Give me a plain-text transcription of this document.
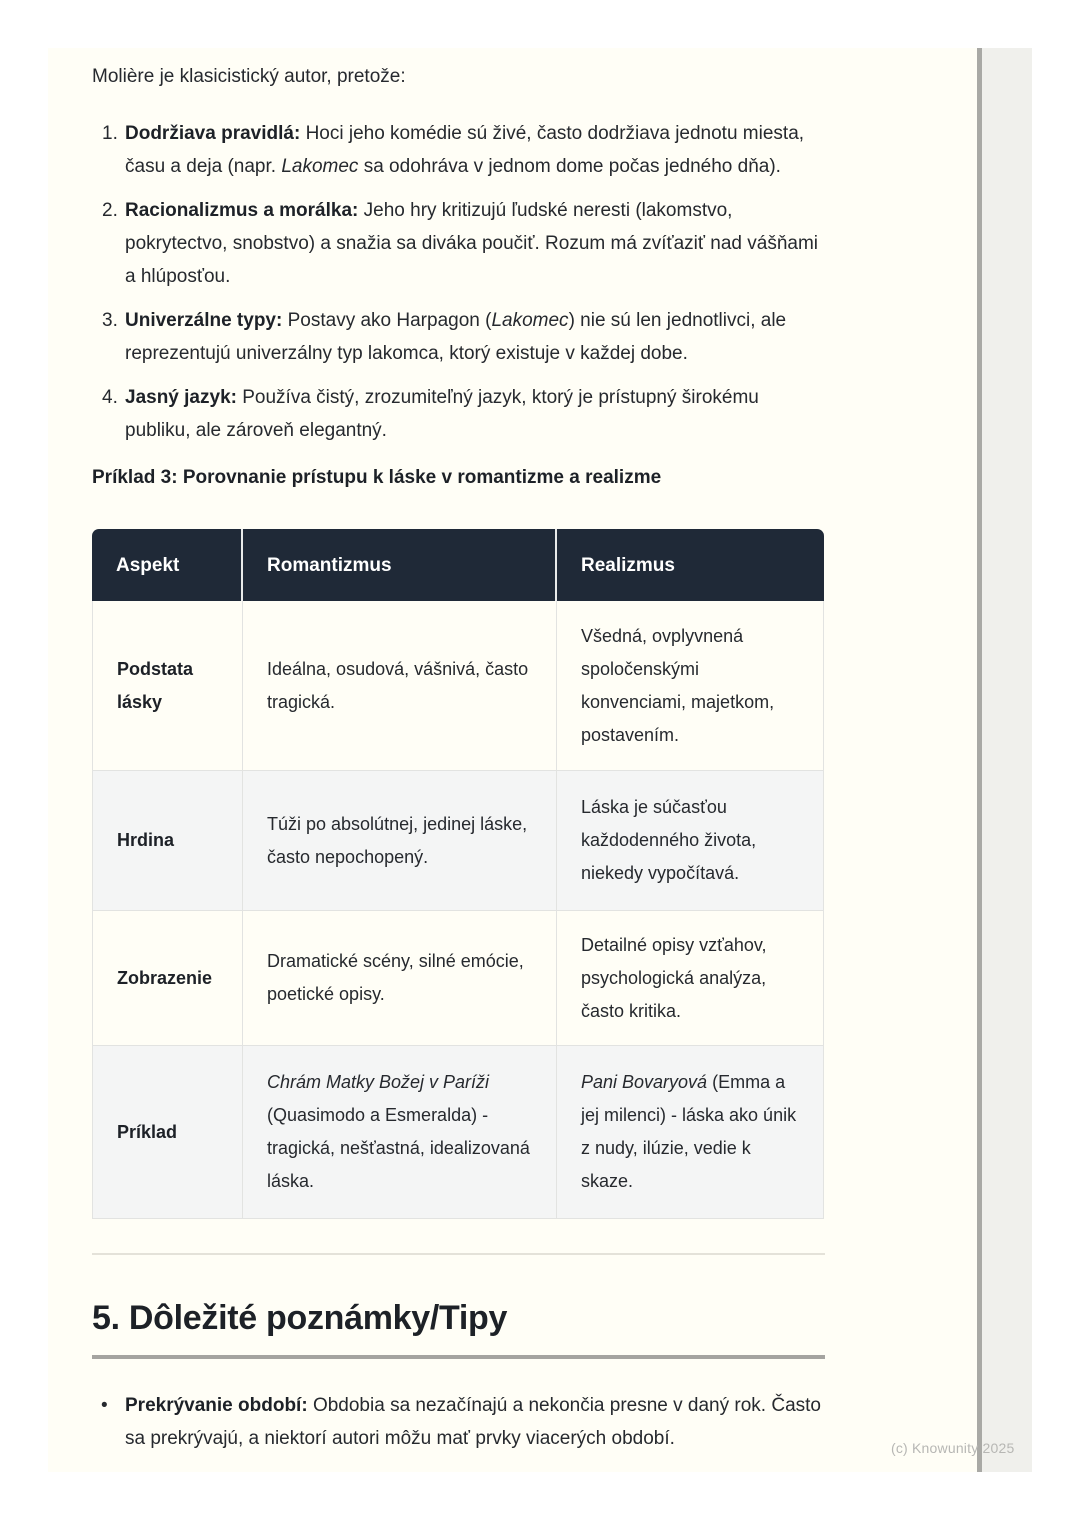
Molière je klasicistický autor, pretože:

1. Dodržiava pravidlá: Hoci jeho komédie sú živé, často dodržiava jednotu miesta, času a deja (napr. Lakomec sa odohráva v jednom dome počas jedného dňa).
2. Racionalizmus a morálka: Jeho hry kritizujú ľudské neresti (lakomstvo, pokrytectvo, snobstvo) a snažia sa diváka poučiť. Rozum má zvíťaziť nad vášňami a hlúposťou.
3. Univerzálne typy: Postavy ako Harpagon (Lakomec) nie sú len jednotlivci, ale reprezentujú univerzálny typ lakomca, ktorý existuje v každej dobe.
4. Jasný jazyk: Používa čistý, zrozumiteľný jazyk, ktorý je prístupný širokému publiku, ale zároveň elegantný.

Príklad 3: Porovnanie prístupu k láske v romantizme a realizme

Aspekt	Romantizmus	Realizmus
Podstata lásky	Ideálna, osudová, vášnivá, často tragická.	Všedná, ovplyvnená spoločenskými konvenciami, majetkom, postavením.
Hrdina	Túži po absolútnej, jedinej láske, často nepochopený.	Láska je súčasťou každodenného života, niekedy vypočítavá.
Zobrazenie	Dramatické scény, silné emócie, poetické opisy.	Detailné opisy vzťahov, psychologická analýza, často kritika.
Príklad	Chrám Matky Božej v Paríži (Quasimodo a Esmeralda) - tragická, nešťastná, idealizovaná láska.	Pani Bovaryová (Emma a jej milenci) - láska ako únik z nudy, ilúzie, vedie k skaze.
5. Dôležité poznámky/Tipy
• Prekrývanie období: Obdobia sa nezačínajú a nekončia presne v daný rok. Často sa prekrývajú, a niektorí autori môžu mať prvky viacerých období.	(c) Knowunity 2025
